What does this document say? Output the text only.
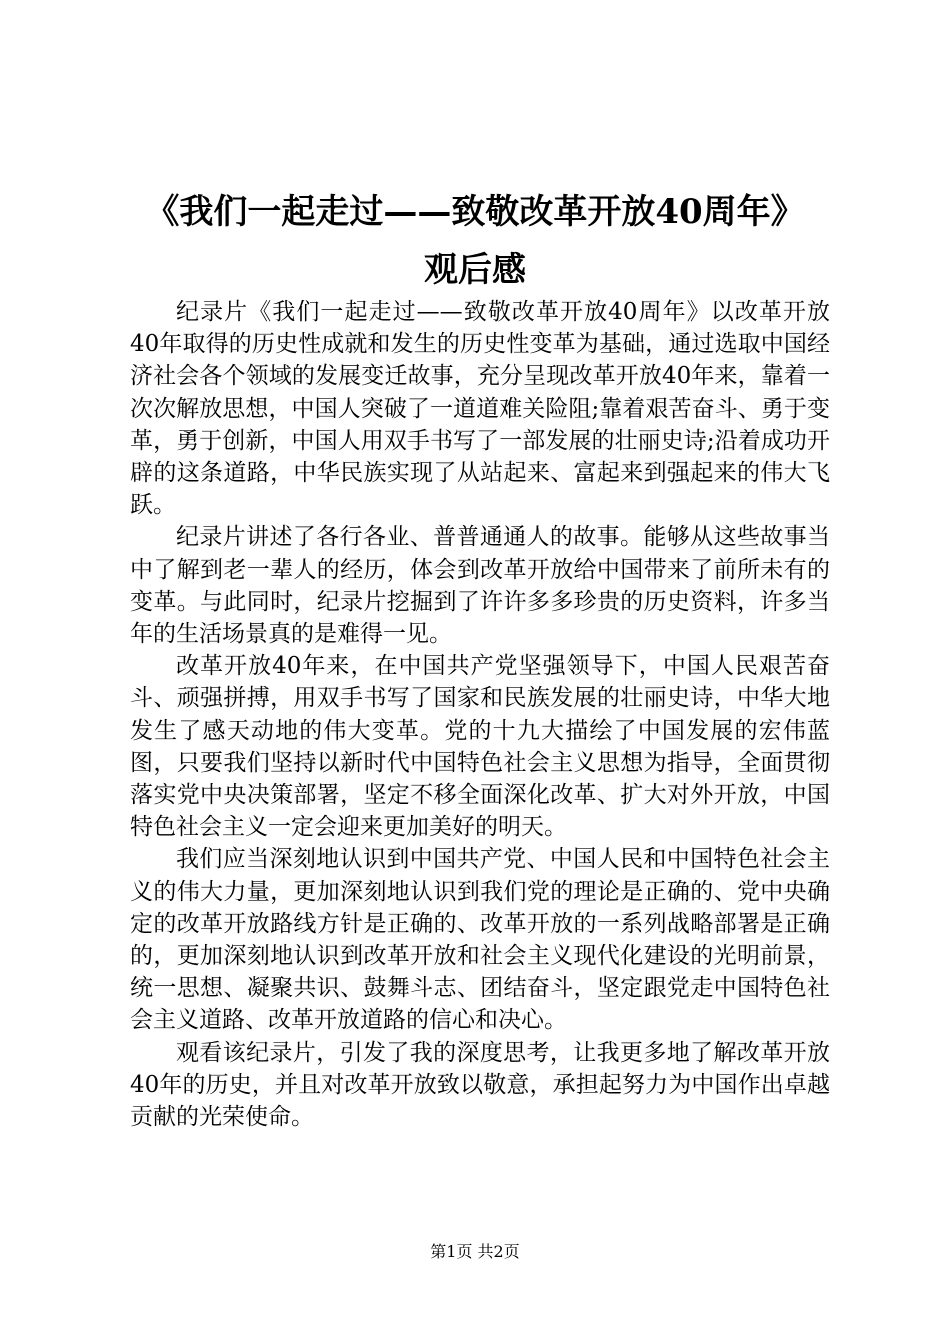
《我们一起走过——致敬改革开放40周年》
观后感

纪录片《我们一起走过——致敬改革开放40周年》以改革开放40年取得的历史性成就和发生的历史性变革为基础，通过选取中国经济社会各个领域的发展变迁故事，充分呈现改革开放40年来，靠着一次次解放思想，中国人突破了一道道难关险阻;靠着艰苦奋斗、勇于变革，勇于创新，中国人用双手书写了一部发展的壮丽史诗;沿着成功开辟的这条道路，中华民族实现了从站起来、富起来到强起来的伟大飞跃。

纪录片讲述了各行各业、普普通通人的故事。能够从这些故事当中了解到老一辈人的经历，体会到改革开放给中国带来了前所未有的变革。与此同时，纪录片挖掘到了许许多多珍贵的历史资料，许多当年的生活场景真的是难得一见。

改革开放40年来，在中国共产党坚强领导下，中国人民艰苦奋斗、顽强拼搏，用双手书写了国家和民族发展的壮丽史诗，中华大地发生了感天动地的伟大变革。党的十九大描绘了中国发展的宏伟蓝图，只要我们坚持以新时代中国特色社会主义思想为指导，全面贯彻落实党中央决策部署，坚定不移全面深化改革、扩大对外开放，中国特色社会主义一定会迎来更加美好的明天。

我们应当深刻地认识到中国共产党、中国人民和中国特色社会主义的伟大力量，更加深刻地认识到我们党的理论是正确的、党中央确定的改革开放路线方针是正确的、改革开放的一系列战略部署是正确的，更加深刻地认识到改革开放和社会主义现代化建设的光明前景，统一思想、凝聚共识、鼓舞斗志、团结奋斗，坚定跟党走中国特色社会主义道路、改革开放道路的信心和决心。

观看该纪录片，引发了我的深度思考，让我更多地了解改革开放40年的历史，并且对改革开放致以敬意，承担起努力为中国作出卓越贡献的光荣使命。

第1页 共2页
